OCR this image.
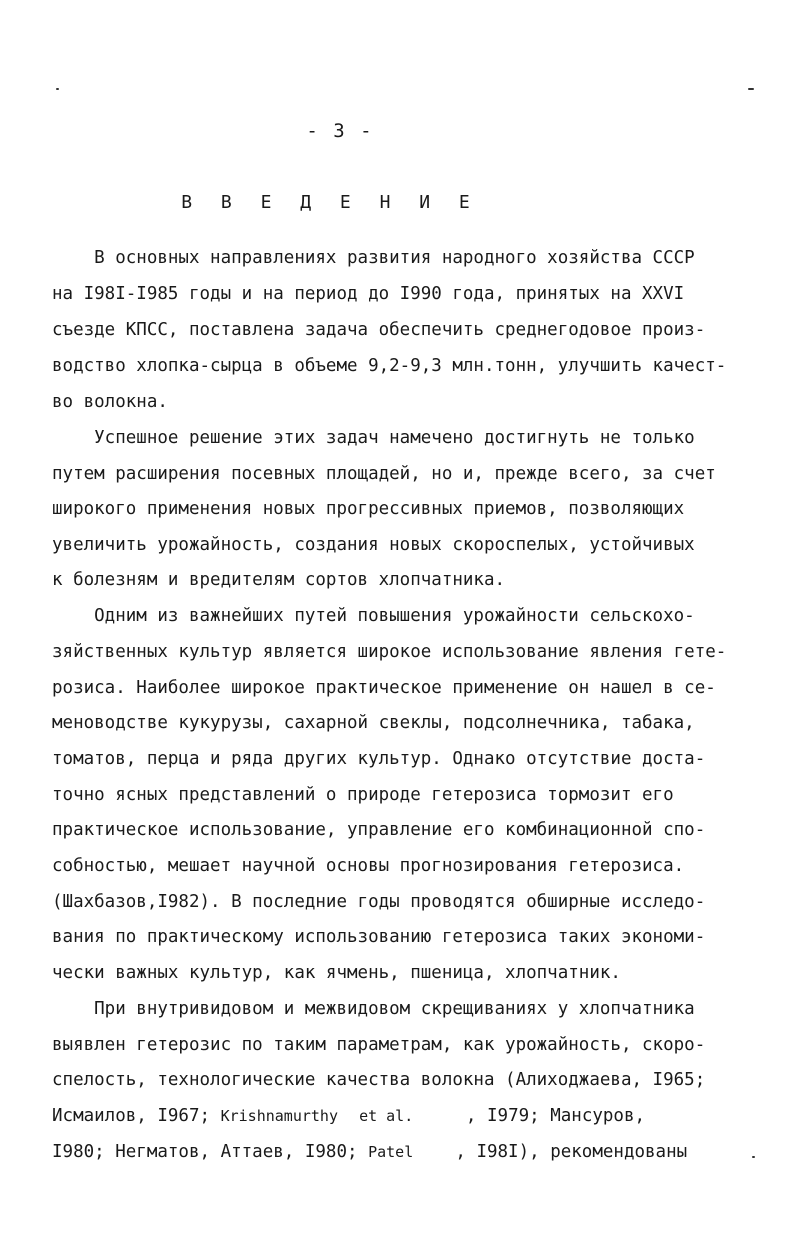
- 3 -
В В Е Д Е Н И Е
В основных направлениях развития народного хозяйства СССР
на I98I-I985 годы и на период до I990 года, принятых на XXVI
съезде КПСС, поставлена задача обеспечить среднегодовое произ-
водство хлопка-сырца в объеме 9,2-9,3 млн.тонн, улучшить качест-
во волокна.
Успешное решение этих задач намечено достигнуть не только
путем расширения посевных площадей, но и, прежде всего, за счет
широкого применения новых прогрессивных приемов, позволяющих
увеличить урожайность, создания новых скороспелых, устойчивых
к болезням и вредителям сортов хлопчатника.
Одним из важнейших путей повышения урожайности сельскохо-
зяйственных культур является широкое использование явления гете-
розиса. Наиболее широкое практическое применение он нашел в се-
меноводстве кукурузы, сахарной свеклы, подсолнечника, табака,
томатов, перца и ряда других культур. Однако отсутствие доста-
точно ясных представлений о природе гетерозиса тормозит его
практическое использование, управление его комбинационной спо-
собностью, мешает научной основы прогнозирования гетерозиса.
(Шахбазов,I982). В последние годы проводятся обширные исследо-
вания по практическому использованию гетерозиса таких экономи-
чески важных культур, как ячмень, пшеница, хлопчатник.
При внутривидовом и межвидовом скрещиваниях у хлопчатника
выявлен гетерозис по таким параметрам, как урожайность, скоро-
спелость, технологические качества волокна (Алиходжаева, I965;
Исмаилов, I967; Krishnamurthy et al.     , I979; Мансуров,
I980; Негматов, Аттаев, I980; Patel    , I98I), рекомендованы
